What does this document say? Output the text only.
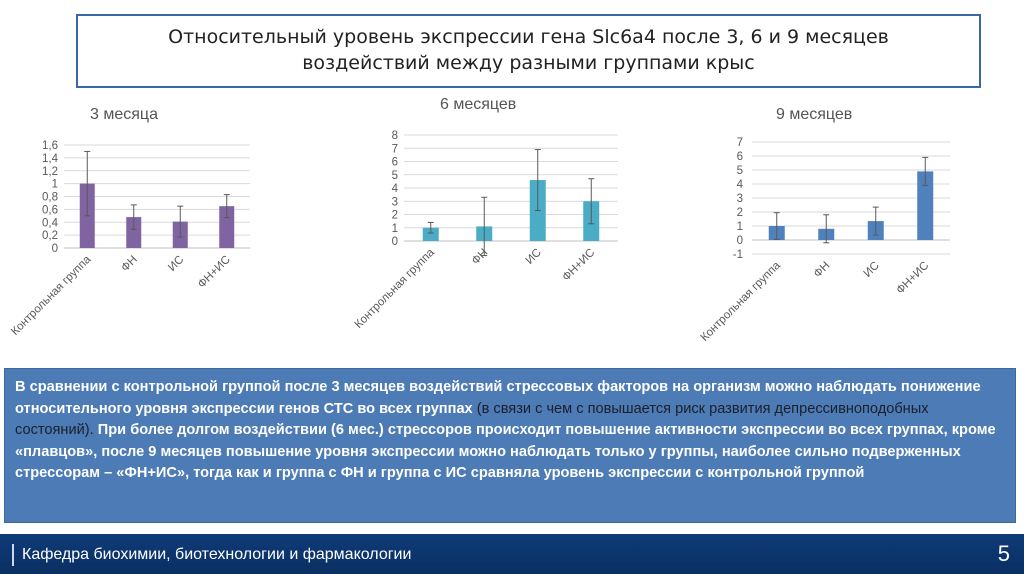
Относительный уровень экспрессии гена Slc6a4 после 3, 6 и 9 месяцев
воздействий между разными группами крыс
3 месяца
6 месяцев
9 месяцев
0
0,2
0,4
0,6
0,8
1
1,2
1,4
1,6
Контрольная группа ФН ИС ФН+ИС
0
1
2
3
4
5
6
7
8
Контрольная группа	ФН	ИС ФН+ИС	-1
0
1
2
3
4
5
6
7
Контрольная группа	ФН	ИС ФН+ИС
В сравнении с контрольной группой после 3 месяцев воздействий стрессовых факторов на организм можно наблюдать понижение относительного уровня экспрессии генов СТС во всех группах (в связи с чем с повышается риск развития депрессивноподобных состояний). При более долгом воздействии (6 мес.) стрессоров происходит повышение активности экспрессии во всех группах, кроме «плавцов», после 9 месяцев повышение уровня экспрессии можно наблюдать только у группы, наиболее сильно подверженных стрессорам – «ФН+ИС», тогда как и группа с ФН и группа с ИС сравняла уровень экспрессии с контрольной группой
Кафедра биохимии, биотехнологии и фармакологии	5
